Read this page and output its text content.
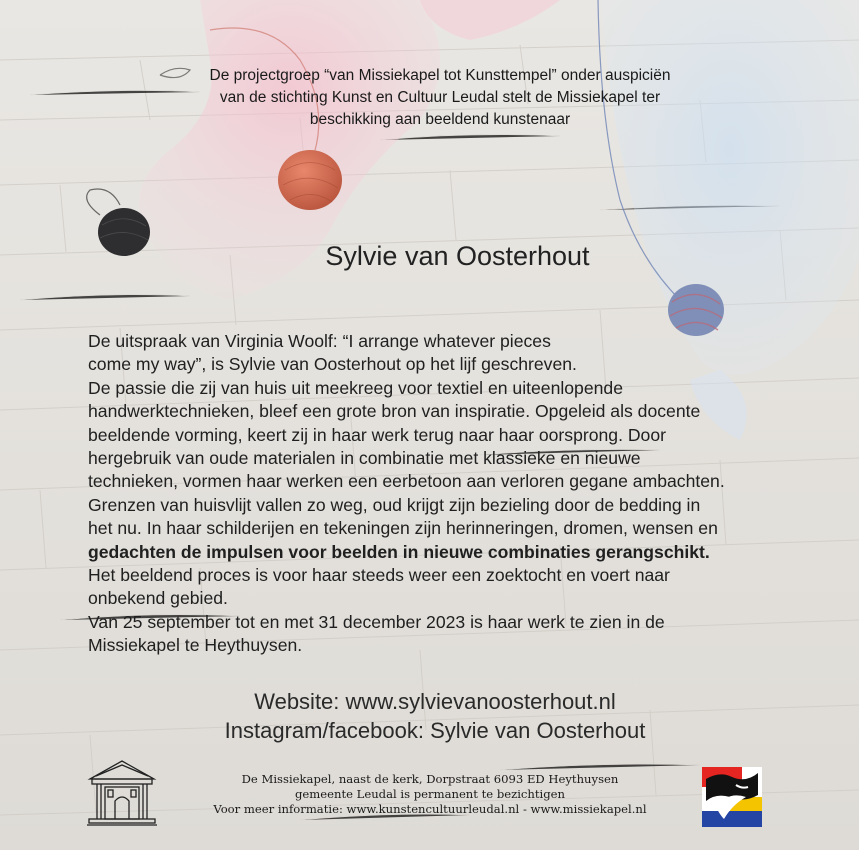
De projectgroep “van Missiekapel tot Kunsttempel” onder auspiciën
van de stichting Kunst en Cultuur Leudal stelt de Missiekapel ter
beschikking aan beeldend kunstenaar
Sylvie van Oosterhout
De uitspraak van Virginia Woolf: “I arrange whatever pieces
come my way”, is Sylvie van Oosterhout op het lijf geschreven.
De passie die zij van huis uit meekreeg voor textiel en uiteenlopende
handwerktechnieken, bleef een grote bron van inspiratie. Opgeleid als docente
beeldende vorming, keert zij in haar werk terug naar haar oorsprong. Door
hergebruik van oude materialen in combinatie met klassieke en nieuwe
technieken, vormen haar werken een eerbetoon aan verloren gegane ambachten.
Grenzen van huisvlijt vallen zo weg, oud krijgt zijn bezieling door de bedding in
het nu. In haar schilderijen en tekeningen zijn herinneringen, dromen, wensen en
gedachten de impulsen voor beelden in nieuwe combinaties gerangschikt.
Het beeldend proces is voor haar steeds weer een zoektocht en voert naar
onbekend gebied.
Van 25 september tot en met 31 december 2023 is haar werk te zien in de
Missiekapel te Heythuysen.
Website: www.sylvievanoosterhout.nl
Instagram/facebook: Sylvie van Oosterhout
De Missiekapel, naast de kerk, Dorpstraat 6093 ED Heythuysen
gemeente Leudal is permanent te bezichtigen
Voor meer informatie: www.kunstencultuurleudal.nl - www.missiekapel.nl
